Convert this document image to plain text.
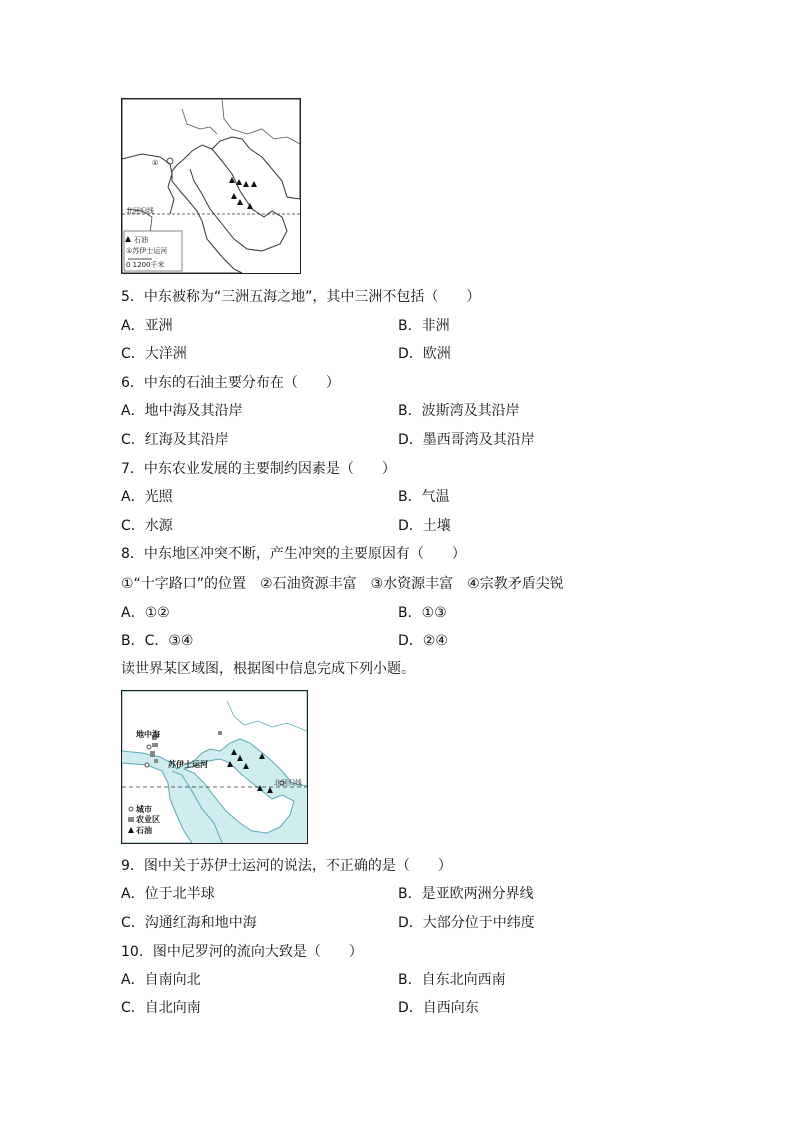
①
北回归线
石油
①苏伊士运河
0 1200千米
5．中东被称为“三洲五海之地”，其中三洲不包括（　　）
A．亚洲	B．非洲
C．大洋洲	D．欧洲
6．中东的石油主要分布在（　　）
A．地中海及其沿岸	B．波斯湾及其沿岸
C．红海及其沿岸	D．墨西哥湾及其沿岸
7．中东农业发展的主要制约因素是（　　）
A．光照	B．气温
C．水源	D．土壤
8．中东地区冲突不断，产生冲突的主要原因有（　　）
①“十字路口”的位置　②石油资源丰富　③水资源丰富　④宗教矛盾尖锐
A．①②	B．①③
B．C．③④	D．②④
读世界某区域图，根据图中信息完成下列小题。
地中海
苏伊士运河
北回归线
城市
农业区
石油
9．图中关于苏伊士运河的说法，不正确的是（　　）
A．位于北半球	B．是亚欧两洲分界线
C．沟通红海和地中海	D．大部分位于中纬度
10．图中尼罗河的流向大致是（　　）
A．自南向北	B．自东北向西南
C．自北向南	D．自西向东
